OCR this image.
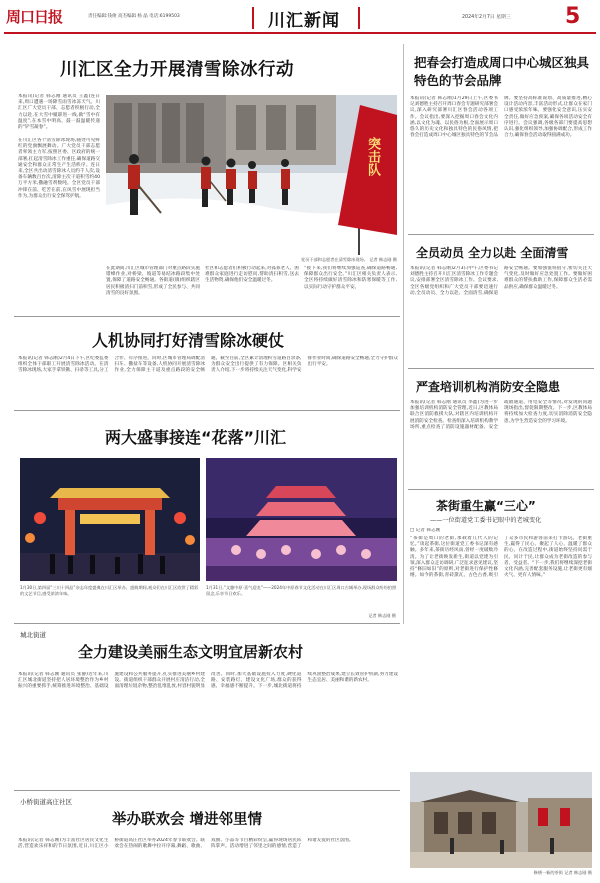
周口日报	责任编辑:钱俊 高杰编辑 杨 晶 电话:6199503	川汇新闻	2024年2月7日 星期三 5
川汇区全力开展清雪除冰行动
本报讯(记者 韩志刚 通讯员 王鑫)连日来,周口遭遇一场降雪雨雪冰冻天气。川汇区广大党员干部、志愿者积极行动,全力以赴,在大雪中履职进一线,做“雪中有温度”,在本雪中明高、鼓一鼓温暖传递的“铲雪凝春”。
在川汇区各个清雪除冰现场,随处可见鲜红的党旗飘展舞动。广大党员干部志愿者率领主力军,按照区委、区政府的统一部署,扛起清雪除冰工作重任,确保道路交通安全和群众正常生产生活秩序。连日来,全区共出动清雪除冰人员约千人次,设备车辆数百台次,清除主次干道积雪约40万平方米,撒融雪剂数吨。全区党员干部冲锋在前、吃苦在前,在风雪中展现担当作为,为群众出行安全保驾护航。
突击队
党员干部和志愿者在清雪除冰现场。 记者 韩志刚 摄
在此期间,川汇区城市管理部门对重点路段实施错峰作业,对桥梁、坡道等易结冰路段集中处置,保障了道路安全畅通。各街道(镇)组织辖区居民积极清扫门前积雪,形成了全民参与、共同清雪的良好氛围。
社区和志愿者们积极行动起来,对孤寡老人、困难群众家庭进行走访慰问,帮助清扫积雪,送去生活物资,确保他们安全温暖过冬。
“接下来,我们将继续加强巡查,确保道路畅通,保障群众出行安全。”川汇区相关负责人表示,全区将持续做好清雪除冰和防寒保暖等工作,以实际行动守护群众平安。
人机协同打好清雪除冰硬仗
本报讯(记者 韩志刚)2月4日下午,区纪委监委组织全体干部职工开展清雪除冰活动。在清雪除冰现场,大家手拿铁锹、扫帚等工具,分工合作、有序推进。同时,区城市管理局调配清扫车、撒盐车等设备,人机协同开展清雪除冰作业,全力保障主干道及重点路段的安全畅通。截至目前,全区累计清理积雪道路百余条,为群众安全出行提供了有力保障。区相关负责人介绍,下一步将持续关注天气变化,科学安排作业时间,确保道路安全畅通,全力守护群众出行平安。
两大盛事接连“花落”川汇
1月30日,第四届“三川十四品”杂志年度盛典在川汇区举办。盛典期间,观众们在川汇区欣赏了精彩的文艺节目,感受浓浓年味。
1月31日,“文趣中原·喜气迎龙”——2024年中原春节文化活动在川汇区周口古城举办,现场群众纷纷拍照留念,乐享节日欢乐。
记者 韩志刚 摄
把春会打造成周口中心城区独具特色的节会品牌
本报讯(记者 韩志刚)1月29日上午,区委书记刘德胜主持召开周口春会专题研究部署会议,深入研究部署川汇区春会活动各项工作。会议指出,要深入挖掘周口春会文化内涵,以文化为魂、以民俗为根,全面展示周口悠久的历史文化和独具特色的民俗风情,把春会打造成周口中心城区独具特色的节会品牌。要坚持高标准谋划、高质量推进,精心设计活动内容,丰富活动形式,让群众在家门口感受浓浓年味。要强化安全意识,压实安全责任,做好应急预案,确保各项活动安全有序进行。会议强调,各级各部门要提高思想认识,强化组织领导,加强协调配合,形成工作合力,确保春会活动取得圆满成功。
全员动员 全力以赴 全面清雪
本报讯(记者 韩志刚)2月3日中午,区委书记刘德胜主持召开川汇区清雪除冰工作专题会议,安排部署全区清雪除冰工作。会议要求,全区各级党组织和广大党员干部要迅速行动,全员动员、全力以赴、全面清雪,确保道路安全畅通。要加强值班值守,密切关注天气变化,及时做好应急处置工作。要做好困难群众的帮扶救助工作,保障群众生活必需品供应,确保群众温暖过冬。
严查培训机构消防安全隐患
本报讯(记者 韩志刚 通讯员 李鑫)为进一步加强培训机构消防安全管理,近日,区教体局联合区消防救援大队,对辖区内培训机构开展消防安全检查。检查组深入培训机构教学场所,重点检查了消防设施器材配备、安全疏散通道、用电安全等情况,对发现的问题现场指出,督促限期整改。下一步,区教体局将持续加大检查力度,切实消除消防安全隐患,为学生营造安全的学习环境。
茶街重生赢“三心”
——一位街道党工委书记眼中的老城变化
□ 记者 韩志刚
“茶街是周口的老街,承载着几代人的记忆。”谈起茶街,这位街道党工委书记深有感触。多年来,茶街历经风雨,曾经一度破败冷清。为了让老街焕发新生,街道以党建为引领,深入群众走访调研,广泛征求意见建议,坚持“修旧如旧”的原则,对老街进行保护性修缮。如今的茶街,青砖黛瓦、古色古香,吸引了众多市民和游客前来打卡游玩。老街重生,赢得了民心、聚起了人心、温暖了群众的心。在改造过程中,街道始终坚持问需于民、问计于民,让群众成为老街改造的参与者、受益者。“下一步,我们将继续深挖老街文化内涵,完善配套服务设施,让老街更有烟火气、更有人情味。”
修缮一新的茶街 记者 韩志刚 摄
城北街道
全力建设美丽生态文明宜居新农村
本报讯(记者 韩志刚 通讯员 张静)近年来,川汇区城北街道坚持把人居环境整治作为乡村振兴的重要抓手,统筹推进环境整治、基础设施建设和公共服务提升,扎实推进美丽乡村建设。街道组织干部群众开展村庄清洁行动,全面清理垃圾杂物,整治乱堆乱放,村容村貌明显改善。同时,加大基础设施投入力度,硬化道路、安装路灯、建设文化广场,群众的获得感、幸福感不断提升。下一步,城北街道将持续巩固整治成果,建立长效管护机制,努力建设生态宜居、美丽和谐的新农村。
小桥街道高庄社区
举办联欢会 增进邻里情
本报讯(记者 韩志刚)为丰富社区居民文化生活,营造欢乐祥和的节日氛围,近日,川汇区小桥街道高庄社区举办2024年春节联欢会。联欢会在热闹的歌舞中拉开序幕,舞蹈、歌曲、戏曲、小品等节目精彩纷呈,赢得现场居民阵阵掌声。活动增进了邻里之间的感情,营造了和谐友爱的社区氛围。
